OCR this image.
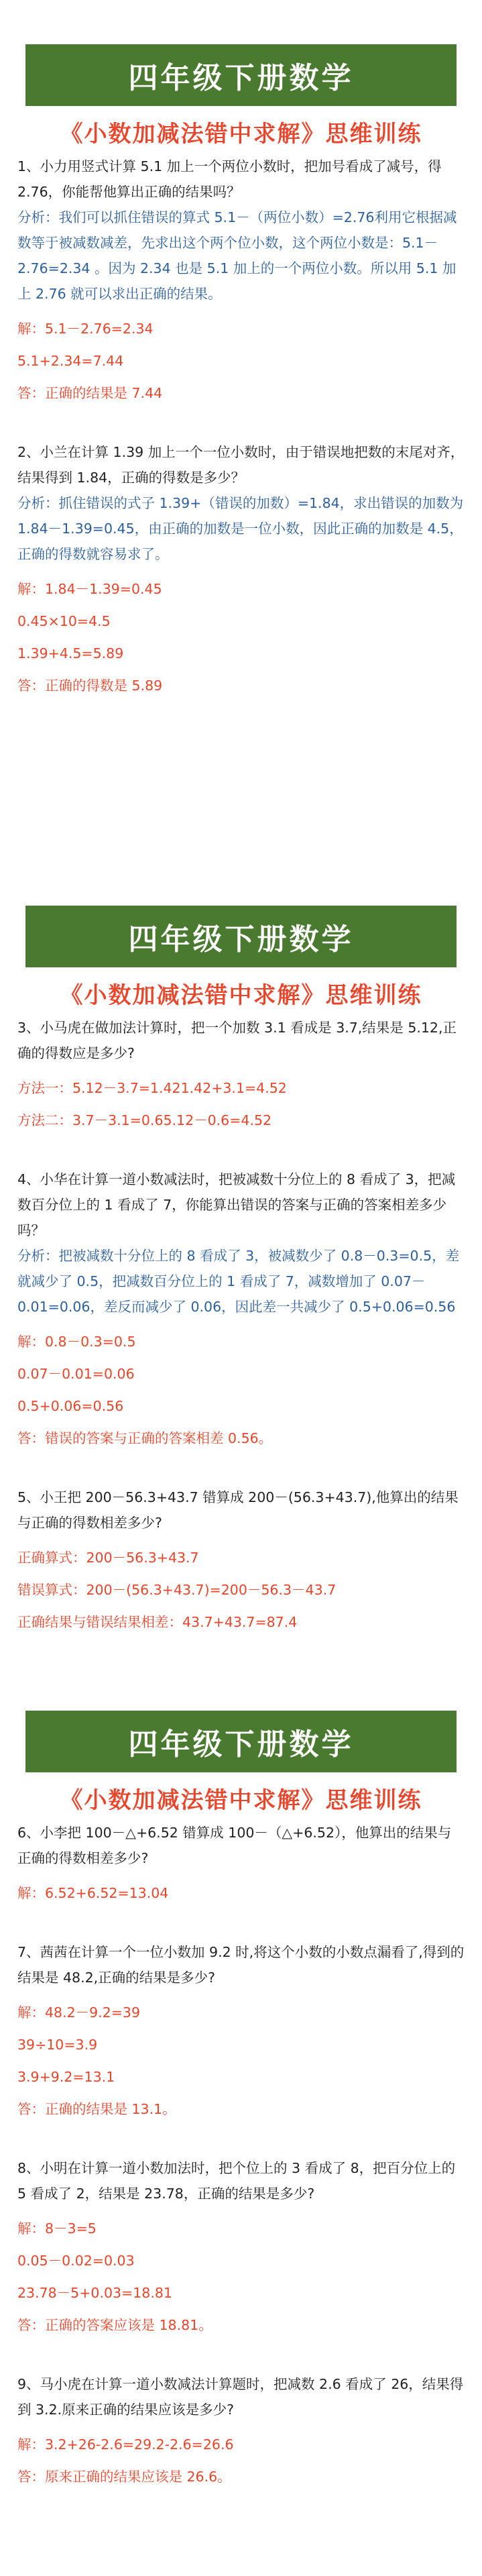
四年级下册数学
《小数加减法错中求解》思维训练

1、小力用竖式计算 5.1 加上一个两位小数时，把加号看成了减号，得 2.76，你能帮他算出正确的结果吗？

分析：我们可以抓住错误的算式 5.1－（两位小数）=2.76利用它根据减数等于被减数减差，先求出这个两个位小数，这个两位小数是：5.1－2.76=2.34 。因为 2.34 也是 5.1 加上的一个两位小数。所以用 5.1 加上 2.76 就可以求出正确的结果。

解：5.1－2.76=2.34

5.1+2.34=7.44

答：正确的结果是 7.44

2、小兰在计算 1.39 加上一个一位小数时，由于错误地把数的末尾对齐，结果得到 1.84，正确的得数是多少？

分析：抓住错误的式子 1.39+（错误的加数）=1.84，求出错误的加数为 1.84－1.39=0.45，由正确的加数是一位小数，因此正确的加数是 4.5，正确的得数就容易求了。

解：1.84－1.39=0.45

0.45×10=4.5

1.39+4.5=5.89

答：正确的得数是 5.89

四年级下册数学
《小数加减法错中求解》思维训练

3、小马虎在做加法计算时，把一个加数 3.1 看成是 3.7,结果是 5.12,正确的得数应是多少?

方法一：5.12－3.7=1.421.42+3.1=4.52

方法二：3.7－3.1=0.65.12－0.6=4.52

4、小华在计算一道小数减法时，把被减数十分位上的 8 看成了 3，把减数百分位上的 1 看成了 7，你能算出错误的答案与正确的答案相差多少吗？

分析：把被减数十分位上的 8 看成了 3，被减数少了 0.8－0.3=0.5，差就减少了 0.5，把减数百分位上的 1 看成了 7，减数增加了 0.07－0.01=0.06，差反而减少了 0.06，因此差一共减少了 0.5+0.06=0.56

解：0.8－0.3=0.5

0.07－0.01=0.06

0.5+0.06=0.56

答：错误的答案与正确的答案相差 0.56。

5、小王把 200－56.3+43.7 错算成 200－(56.3+43.7),他算出的结果与正确的得数相差多少?

正确算式：200－56.3+43.7

错误算式：200－(56.3+43.7)=200－56.3－43.7

正确结果与错误结果相差：43.7+43.7=87.4

四年级下册数学
《小数加减法错中求解》思维训练

6、小李把 100－△+6.52 错算成 100－（△+6.52），他算出的结果与正确的得数相差多少?

解：6.52+6.52=13.04

7、茜茜在计算一个一位小数加 9.2 时,将这个小数的小数点漏看了,得到的结果是 48.2,正确的结果是多少?

解：48.2－9.2=39

39÷10=3.9

3.9+9.2=13.1

答：正确的结果是 13.1。

8、小明在计算一道小数加法时，把个位上的 3 看成了 8，把百分位上的 5 看成了 2，结果是 23.78，正确的结果是多少?

解：8－3=5

0.05－0.02=0.03

23.78－5+0.03=18.81

答：正确的答案应该是 18.81。

9、马小虎在计算一道小数减法计算题时，把减数 2.6 看成了 26，结果得到 3.2.原来正确的结果应该是多少?

解：3.2+26-2.6=29.2-2.6=26.6

答：原来正确的结果应该是 26.6。
